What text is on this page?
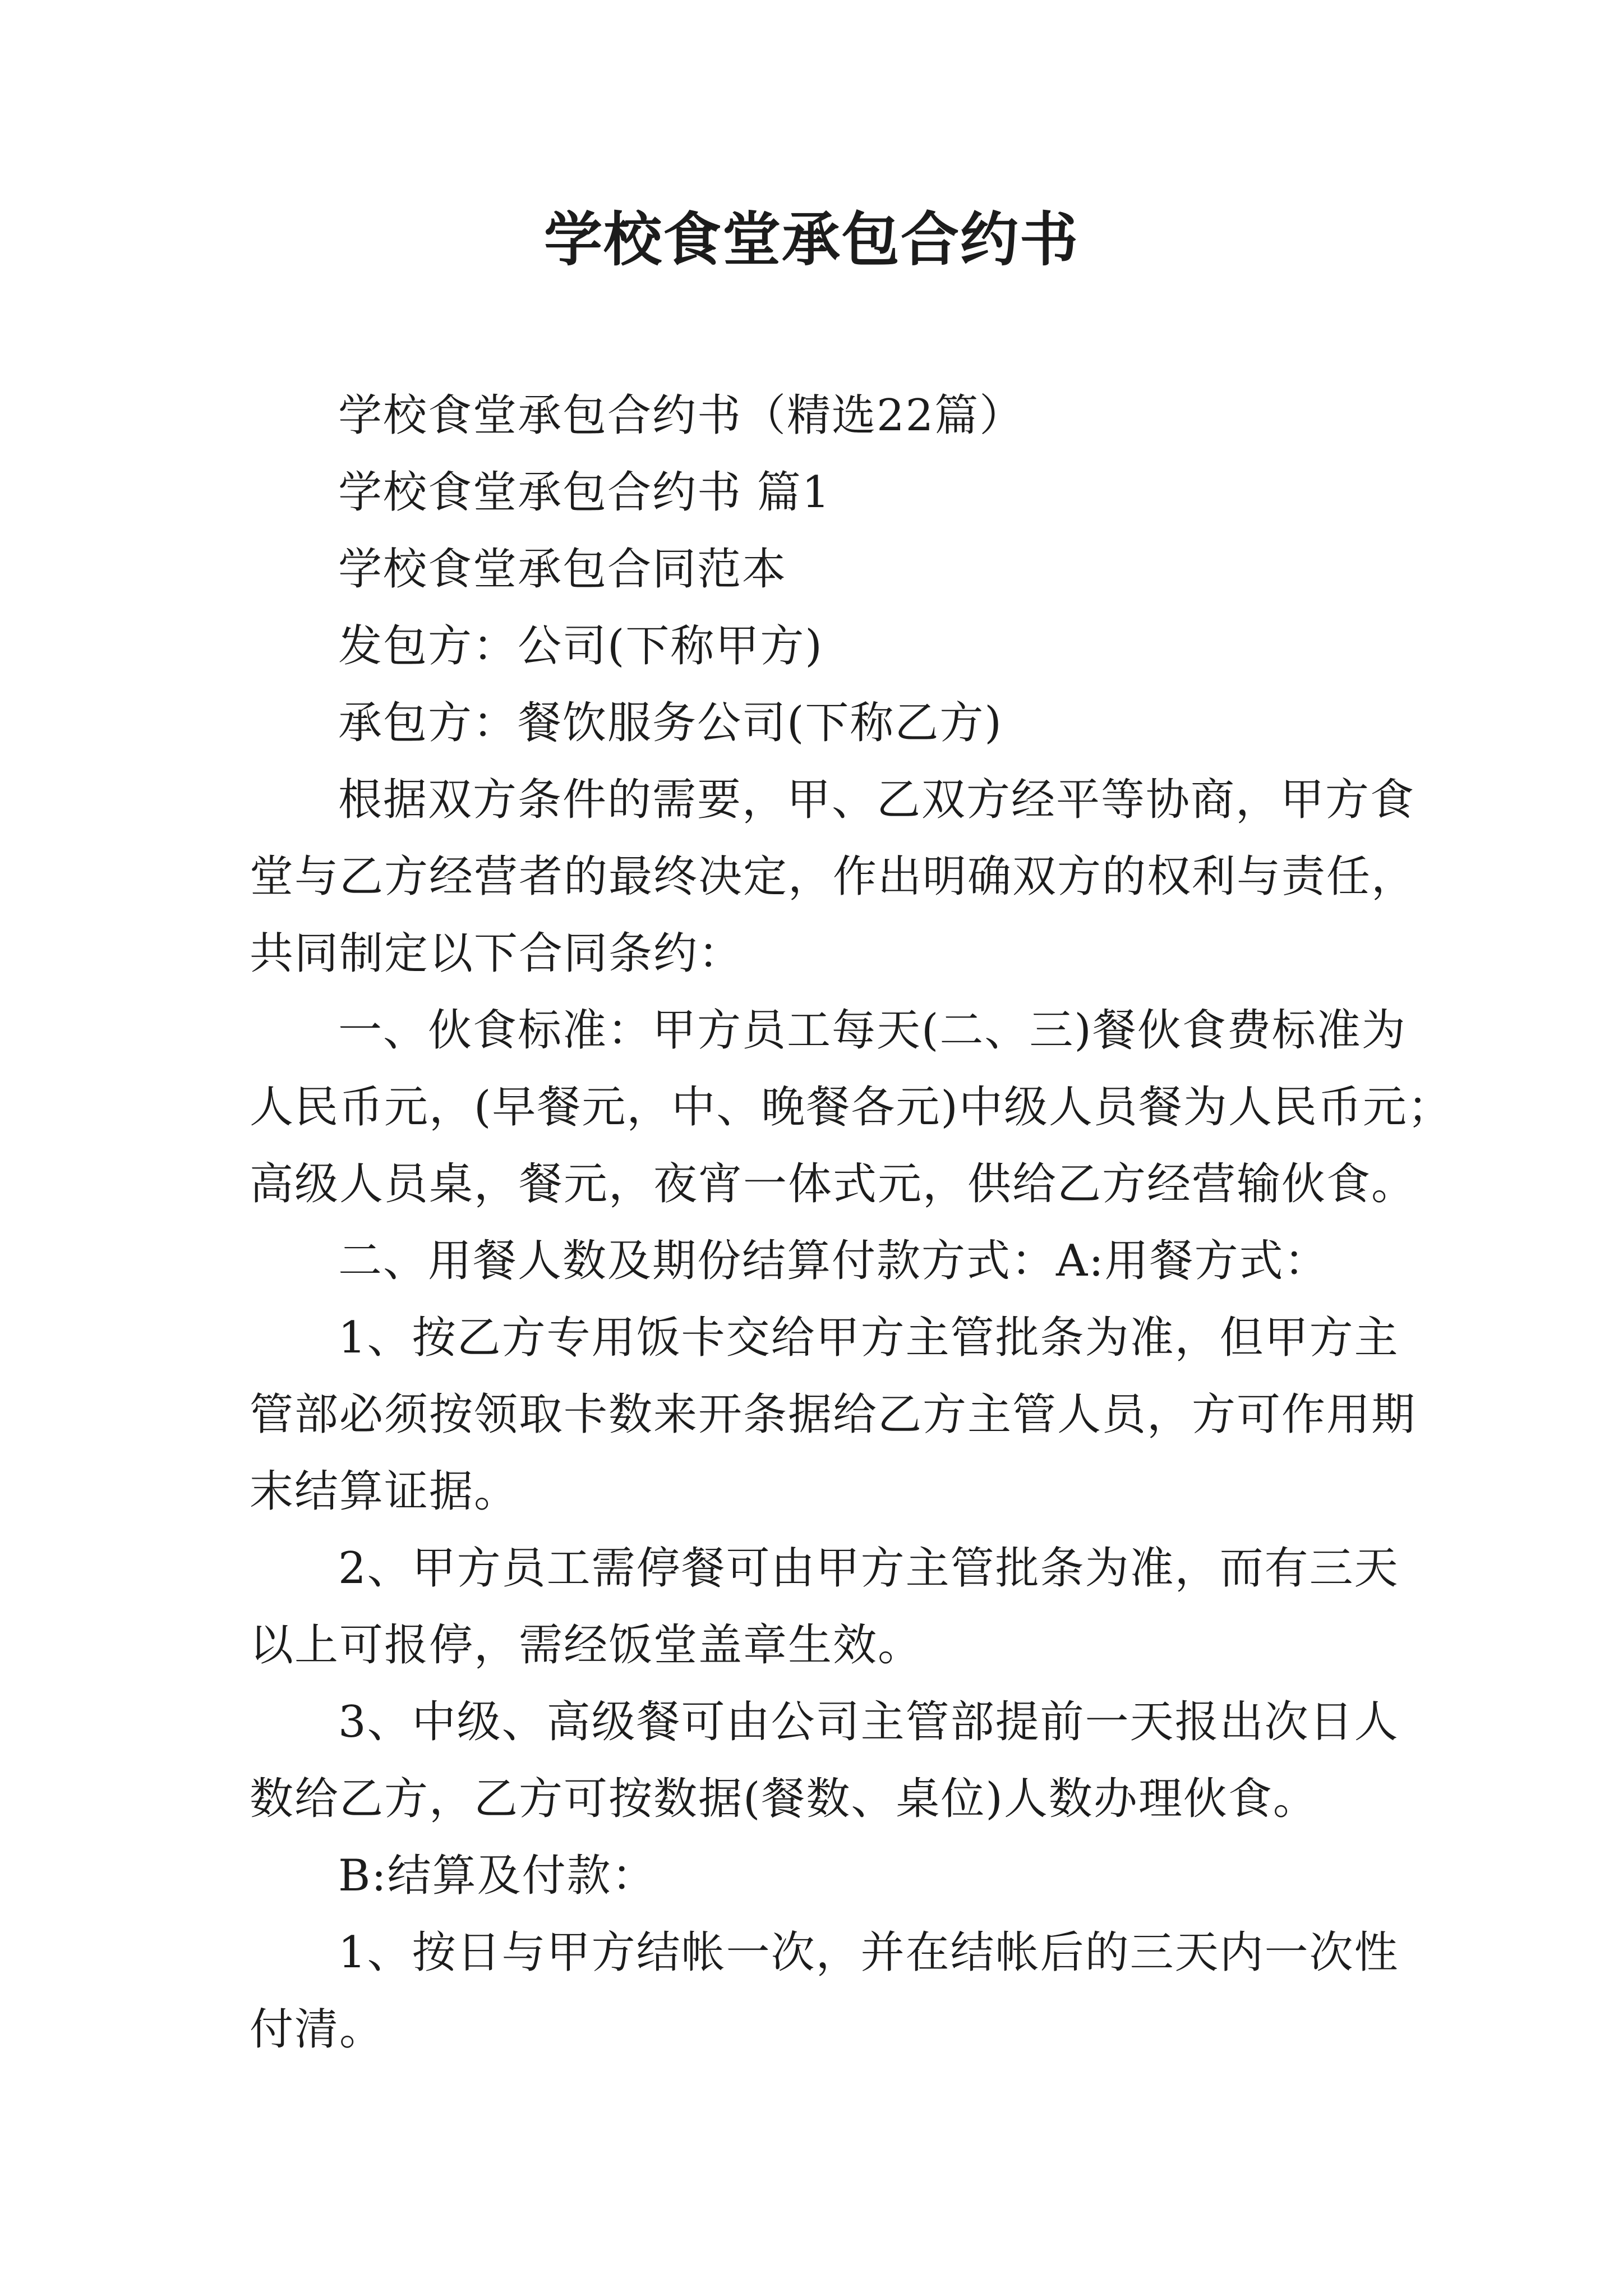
学校食堂承包合约书
学校食堂承包合约书（精选22篇）
学校食堂承包合约书 篇1
学校食堂承包合同范本
发包方：公司(下称甲方)
承包方：餐饮服务公司(下称乙方)
根据双方条件的需要，甲、乙双方经平等协商，甲方食
堂与乙方经营者的最终决定，作出明确双方的权利与责任，
共同制定以下合同条约：
一、伙食标准：甲方员工每天(二、三)餐伙食费标准为
人民币元，(早餐元，中、晚餐各元)中级人员餐为人民币元；
高级人员桌，餐元，夜宵一体式元，供给乙方经营输伙食。
二、用餐人数及期份结算付款方式：A:用餐方式：
1、按乙方专用饭卡交给甲方主管批条为准，但甲方主
管部必须按领取卡数来开条据给乙方主管人员，方可作用期
末结算证据。
2、甲方员工需停餐可由甲方主管批条为准，而有三天
以上可报停，需经饭堂盖章生效。
3、中级、高级餐可由公司主管部提前一天报出次日人
数给乙方，乙方可按数据(餐数、桌位)人数办理伙食。
B:结算及付款：
1、按日与甲方结帐一次，并在结帐后的三天内一次性
付清。
